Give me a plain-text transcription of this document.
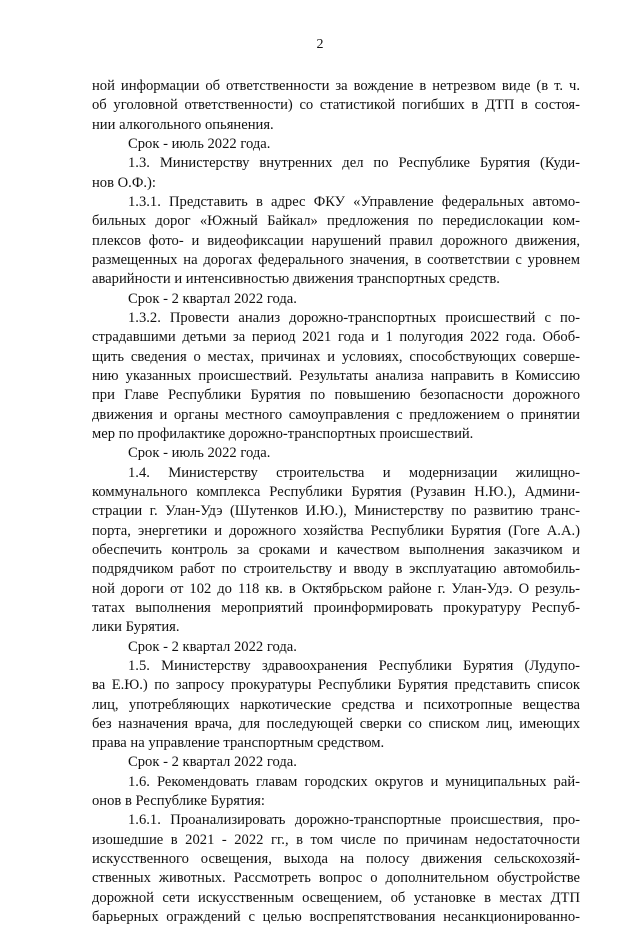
2
ной информации об ответственности за вождение в нетрезвом виде (в т. ч.
об уголовной ответственности) со статистикой погибших в ДТП в состоя-
нии алкогольного опьянения.
Срок - июль 2022 года.
1.3. Министерству внутренних дел по Республике Бурятия (Куди-
нов О.Ф.):
1.3.1. Представить в адрес ФКУ «Управление федеральных автомо-
бильных дорог «Южный Байкал» предложения по передислокации ком-
плексов фото- и видеофиксации нарушений правил дорожного движения,
размещенных на дорогах федерального значения, в соответствии с уровнем
аварийности и интенсивностью движения транспортных средств.
Срок - 2 квартал 2022 года.
1.3.2. Провести анализ дорожно-транспортных происшествий с по-
страдавшими детьми за период 2021 года и 1 полугодия 2022 года. Обоб-
щить сведения о местах, причинах и условиях, способствующих соверше-
нию указанных происшествий. Результаты анализа направить в Комиссию
при Главе Республики Бурятия по повышению безопасности дорожного
движения и органы местного самоуправления с предложением о принятии
мер по профилактике дорожно-транспортных происшествий.
Срок - июль 2022 года.
1.4. Министерству строительства и модернизации жилищно-
коммунального комплекса Республики Бурятия (Рузавин Н.Ю.), Админи-
страции г. Улан-Удэ (Шутенков И.Ю.), Министерству по развитию транс-
порта, энергетики и дорожного хозяйства Республики Бурятия (Гоге А.А.)
обеспечить контроль за сроками и качеством выполнения заказчиком и
подрядчиком работ по строительству и вводу в эксплуатацию автомобиль-
ной дороги от 102 до 118 кв. в Октябрьском районе г. Улан-Удэ. О резуль-
татах выполнения мероприятий проинформировать прокуратуру Респуб-
лики Бурятия.
Срок - 2 квартал 2022 года.
1.5. Министерству здравоохранения Республики Бурятия (Лудупо-
ва Е.Ю.) по запросу прокуратуры Республики Бурятия представить список
лиц, употребляющих наркотические средства и психотропные вещества
без назначения врача, для последующей сверки со списком лиц, имеющих
права на управление транспортным средством.
Срок - 2 квартал 2022 года.
1.6. Рекомендовать главам городских округов и муниципальных рай-
онов в Республике Бурятия:
1.6.1. Проанализировать дорожно-транспортные происшествия, про-
изошедшие в 2021 - 2022 гг., в том числе по причинам недостаточности
искусственного освещения, выхода на полосу движения сельскохозяй-
ственных животных. Рассмотреть вопрос о дополнительном обустройстве
дорожной сети искусственным освещением, об установке в местах ДТП
барьерных ограждений с целью воспрепятствования несанкционированно-
